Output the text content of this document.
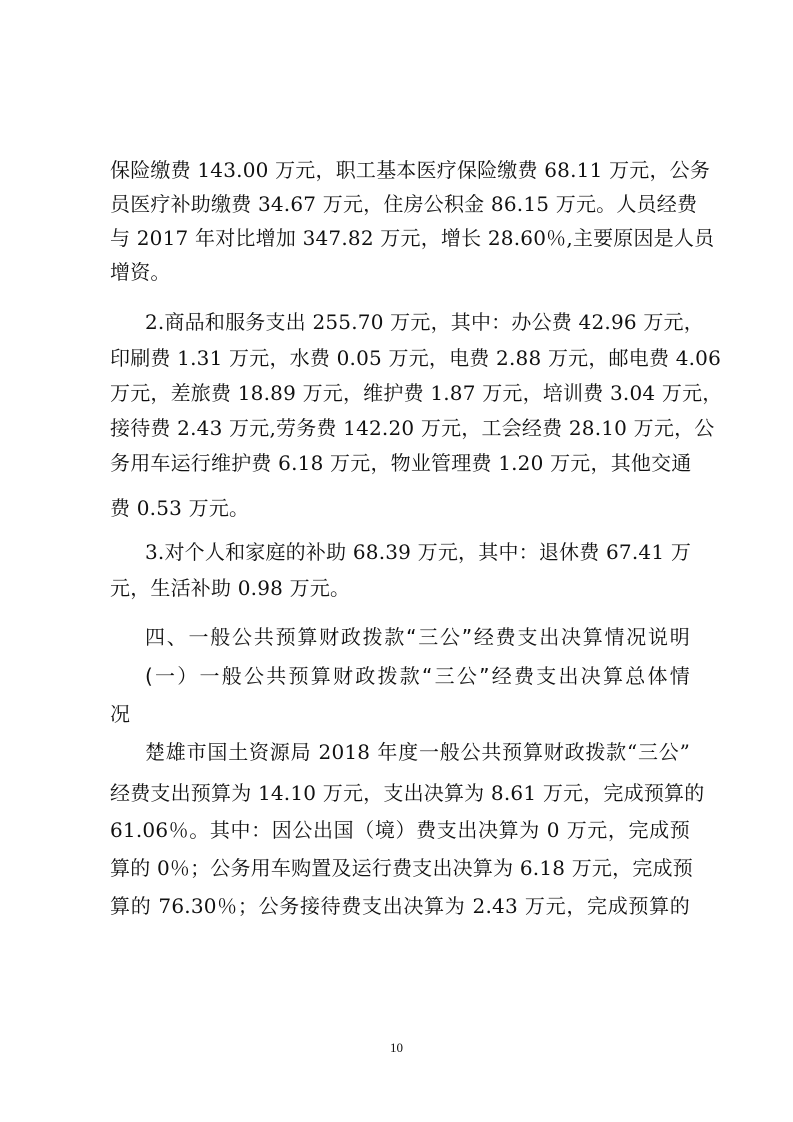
保险缴费 143.00 万元，职工基本医疗保险缴费 68.11 万元，公务
员医疗补助缴费 34.67 万元，住房公积金 86.15 万元。人员经费
与 2017 年对比增加 347.82 万元，增长 28.60％,主要原因是人员
增资。
2.商品和服务支出 255.70 万元，其中：办公费 42.96 万元，
印刷费 1.31 万元，水费 0.05 万元，电费 2.88 万元，邮电费 4.06
万元，差旅费 18.89 万元，维护费 1.87 万元，培训费 3.04 万元，
接待费 2.43 万元,劳务费 142.20 万元，工会经费 28.10 万元，公
务用车运行维护费 6.18 万元，物业管理费 1.20 万元，其他交通
费 0.53 万元。
3.对个人和家庭的补助 68.39 万元，其中：退休费 67.41 万
元，生活补助 0.98 万元。
四、一般公共预算财政拨款“三公”经费支出决算情况说明
(一）一般公共预算财政拨款“三公”经费支出决算总体情
况
楚雄市国土资源局 2018 年度一般公共预算财政拨款“三公”
经费支出预算为 14.10 万元，支出决算为 8.61 万元，完成预算的
61.06％。其中：因公出国（境）费支出决算为 0 万元，完成预
算的 0％；公务用车购置及运行费支出决算为 6.18 万元，完成预
算的 76.30％；公务接待费支出决算为 2.43 万元，完成预算的
10
